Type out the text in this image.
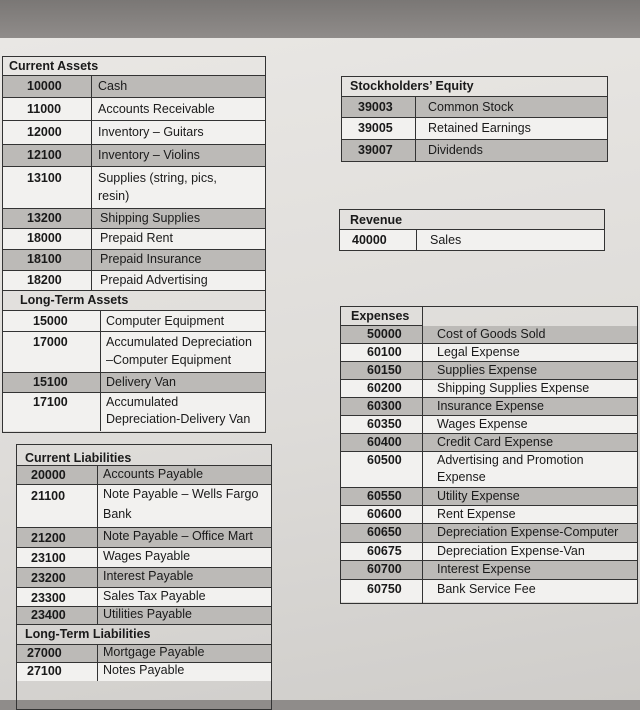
Current Assets
10000	Cash
11000	Accounts Receivable
12000	Inventory – Guitars
12100	Inventory – Violins
13100	Supplies (string, pics,
resin)
13200	Shipping Supplies
18000	Prepaid Rent
18100	Prepaid Insurance
18200	Prepaid Advertising
Long-Term Assets
15000	Computer Equipment
17000	Accumulated Depreciation
–Computer Equipment
15100	Delivery Van
17100	Accumulated
Depreciation-Delivery Van
Current Liabilities
20000	Accounts Payable
21100	Note Payable – Wells Fargo
Bank
21200	Note Payable – Office Mart
23100	Wages Payable
23200	Interest Payable
23300	Sales Tax Payable
23400	Utilities Payable
Long-Term Liabilities
27000	Mortgage Payable
27100	Notes Payable
Stockholders’ Equity
39003	Common Stock
39005	Retained Earnings
39007	Dividends
Revenue
40000	Sales
Expenses
50000	Cost of Goods Sold
60100	Legal Expense
60150	Supplies Expense
60200	Shipping Supplies Expense
60300	Insurance Expense
60350	Wages Expense
60400	Credit Card Expense
60500	Advertising and Promotion
Expense
60550	Utility Expense
60600	Rent Expense
60650	Depreciation Expense-Computer
60675	Depreciation Expense-Van
60700	Interest Expense
60750	Bank Service Fee
